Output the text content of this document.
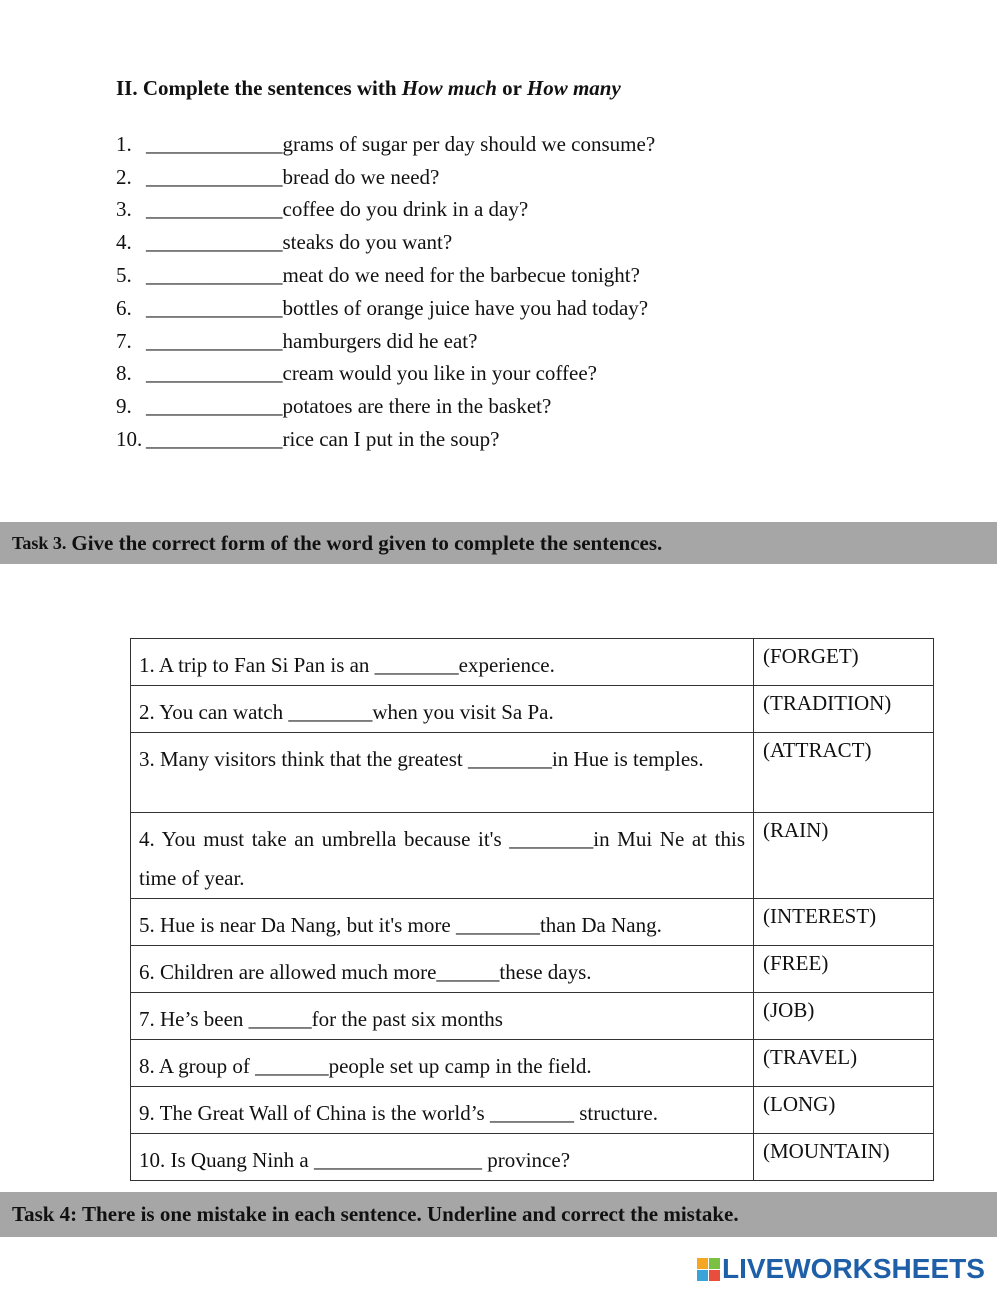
II. Complete the sentences with How much or How many
1. _____________ grams of sugar per day should we consume?
2. _____________ bread do we need?
3. _____________ coffee do you drink in a day?
4. _____________ steaks do you want?
5. _____________ meat do we need for the barbecue tonight?
6. _____________ bottles of orange juice have you had today?
7. _____________ hamburgers did he eat?
8. _____________ cream would you like in your coffee?
9. _____________ potatoes are there in the basket?
10. _____________ rice can I put in the soup?
Task 3. Give the correct form of the word given to complete the sentences.
1. A trip to Fan Si Pan is an ________experience.	(FORGET)
2. You can watch ________when you visit Sa Pa.	(TRADITION)
3. Many visitors think that the greatest ________in Hue is temples.	(ATTRACT)
4. You must take an umbrella because it's ________in Mui Ne at this time of year.	(RAIN)
5. Hue is near Da Nang, but it's more ________than Da Nang.	(INTEREST)
6. Children are allowed much more______these days.	(FREE)
7. He’s been ______for the past six months	(JOB)
8. A group of _______people set up camp in the field.	(TRAVEL)
9. The Great Wall of China is the world’s ________ structure.	(LONG)
10. Is Quang Ninh a ________________ province?	(MOUNTAIN)
Task 4: There is one mistake in each sentence. Underline and correct the mistake.
LIVEWORKSHEETS
